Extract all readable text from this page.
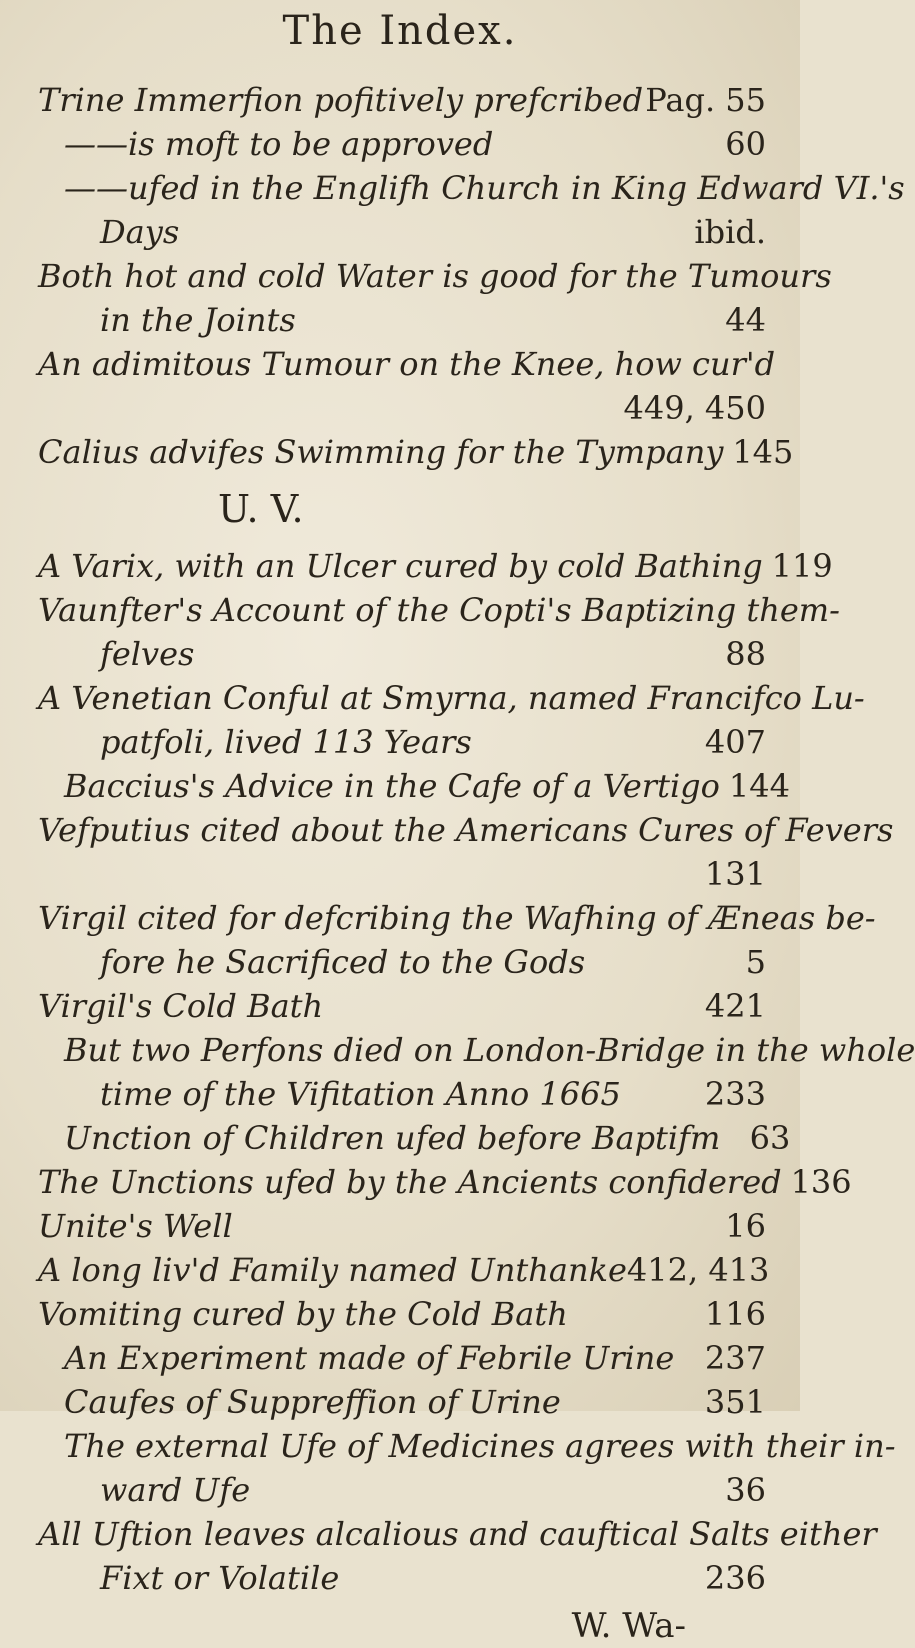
The Index.
Trine Immerfion pofitively prefcribed Pag. 55
——is moft to be approved	60
——ufed in the Englifh Church in King Edward VI.'s
Days	ibid.
Both hot and cold Water is good for the Tumours
in the Joints	44
An adimitous Tumour on the Knee, how cur'd
449, 450
Calius advifes Swimming for the Tympany 145
U. V.
A Varix, with an Ulcer cured by cold Bathing 119
Vaunfter's Account of the Copti's Baptizing them-
felves	88
A Venetian Conful at Smyrna, named Francifco Lu-
patfoli, lived 113 Years	407
Baccius's Advice in the Cafe of a Vertigo 144
Vefputius cited about the Americans Cures of Fevers
131
Virgil cited for defcribing the Wafhing of Æneas be-
fore he Sacrificed to the Gods	5
Virgil's Cold Bath	421
But two Perfons died on London-Bridge in the whole
time of the Vifitation Anno 1665	233
Unction of Children ufed before Baptifm 63
The Unctions ufed by the Ancients confidered 136
Unite's Well	16
A long liv'd Family named Unthanke 412, 413
Vomiting cured by the Cold Bath	116
An Experiment made of Febrile Urine 237
Caufes of Suppreffion of Urine	351
The external Ufe of Medicines agrees with their in-
ward Ufe	36
All Uftion leaves alcalious and cauftical Salts either
Fixt or Volatile	236
W. Wa-
